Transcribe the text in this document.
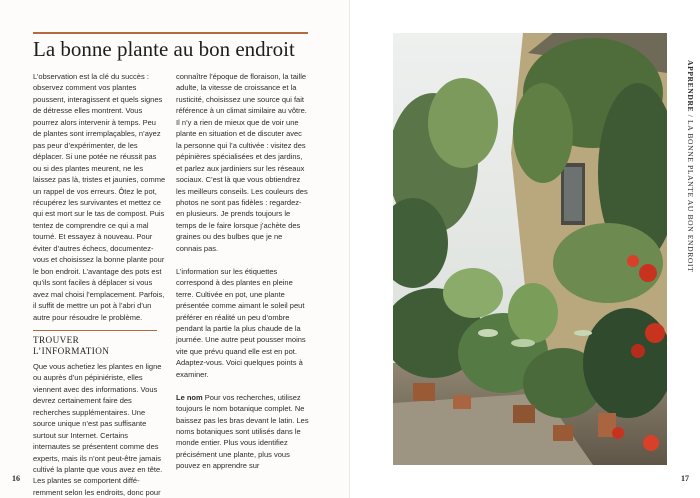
La bonne plante au bon endroit

L’observation est la clé du succès : observez comment vos plantes poussent, interagissent et quels signes de détresse elles montrent. Vous pourrez alors intervenir à temps. Peu de plantes sont irremplaçables, n’ayez pas peur d’expérimenter, de les déplacer. Si une potée ne réussit pas ou si des plantes meurent, ne les laissez pas là, tristes et jaunies, comme un rappel de vos erreurs. Ôtez le pot, récupérez les survivantes et mettez ce qui est mort sur le tas de compost. Puis tentez de comprendre ce qui a mal tourné. Et essayez à nouveau. Pour éviter d’autres échecs, documentez-vous et choisissez la bonne plante pour le bon endroit. L’avantage des pots est qu’ils sont faciles à déplacer si vous avez mal choisi l’emplacement. Parfois, il suffit de mettre un pot à l’abri d’un autre pour résoudre le problème.

TROUVER L’INFORMATION

Que vous achetiez les plantes en ligne ou auprès d’un pépiniériste, elles viennent avec des informations. Vous devrez certainement faire des recherches supplémentaires. Une source unique n’est pas suffisante surtout sur Internet. Certains internautes se présentent comme des experts, mais ils n’ont peut-être jamais cultivé la plante que vous avez en tête. Les plantes se comportent différemment selon les endroits, donc pour

connaître l’époque de floraison, la taille adulte, la vitesse de croissance et la rusticité, choisissez une source qui fait référence à un climat similaire au vôtre. Il n’y a rien de mieux que de voir une plante en situation et de discuter avec la personne qui l’a cultivée : visitez des pépinières spécialisées et des jardins, et parlez aux jardiniers sur les réseaux sociaux. C’est là que vous obtiendrez les meilleurs conseils. Les couleurs des photos ne sont pas fidèles : regardez-en plusieurs. Je prends toujours le temps de le faire lorsque j’achète des graines ou des bulbes que je ne connais pas.

L’information sur les étiquettes correspond à des plantes en pleine terre. Cultivée en pot, une plante présentée comme aimant le soleil peut préférer en réalité un peu d’ombre pendant la partie la plus chaude de la journée. Une autre peut pousser moins vite que prévu quand elle est en pot. Adaptez-vous. Voici quelques points à examiner.

Le nom Pour vos recherches, utilisez toujours le nom botanique complet. Ne baissez pas les bras devant le latin. Les noms botaniques sont utilisés dans le monde entier. Plus vous identifiez précisément une plante, plus vous pouvez en apprendre sur

16
APPRENDRE / LA BONNE PLANTE AU BON ENDROIT
17
